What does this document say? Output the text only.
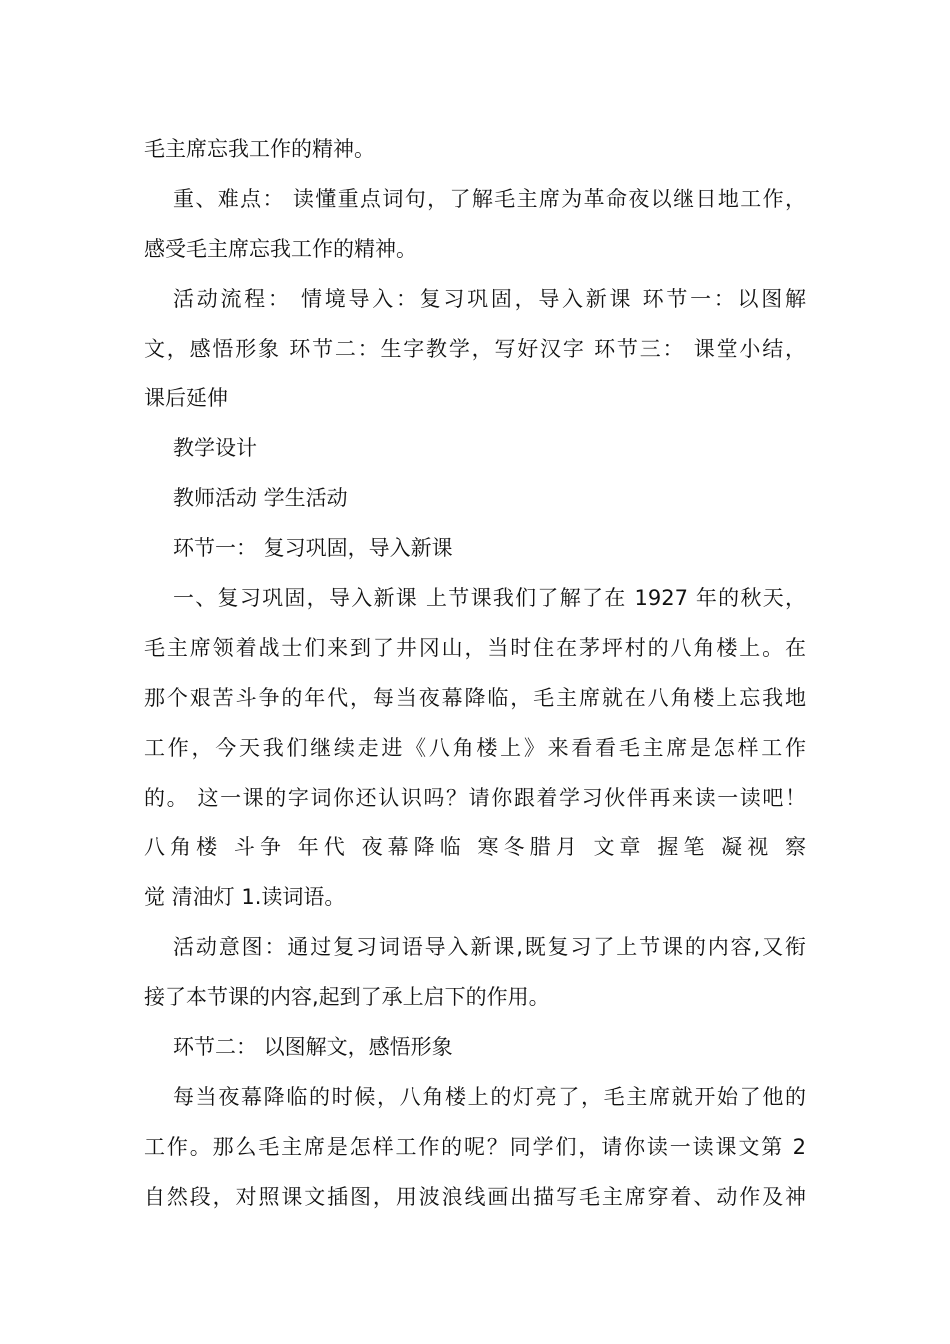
毛主席忘我工作的精神。
重、难点： 读懂重点词句，了解毛主席为革命夜以继日地工作，
感受毛主席忘我工作的精神。
活动流程： 情境导入：复习巩固，导入新课 环节一：以图解
文，感悟形象 环节二：生字教学，写好汉字 环节三： 课堂小结，
课后延伸
教学设计
教师活动 学生活动
环节一： 复习巩固，导入新课
一、复习巩固，导入新课 上节课我们了解了在 1927 年的秋天，
毛主席领着战士们来到了井冈山，当时住在茅坪村的八角楼上。在
那个艰苦斗争的年代，每当夜幕降临，毛主席就在八角楼上忘我地
工作，今天我们继续走进《八角楼上》来看看毛主席是怎样工作
的。 这一课的字词你还认识吗？请你跟着学习伙伴再来读一读吧！
八角楼 斗争 年代 夜幕降临 寒冬腊月 文章 握笔 凝视 察
觉 清油灯 1.读词语。
活动意图：通过复习词语导入新课,既复习了上节课的内容,又衔
接了本节课的内容,起到了承上启下的作用。
环节二： 以图解文，感悟形象
每当夜幕降临的时候，八角楼上的灯亮了，毛主席就开始了他的
工作。那么毛主席是怎样工作的呢？同学们，请你读一读课文第 2
自然段，对照课文插图，用波浪线画出描写毛主席穿着、动作及神
